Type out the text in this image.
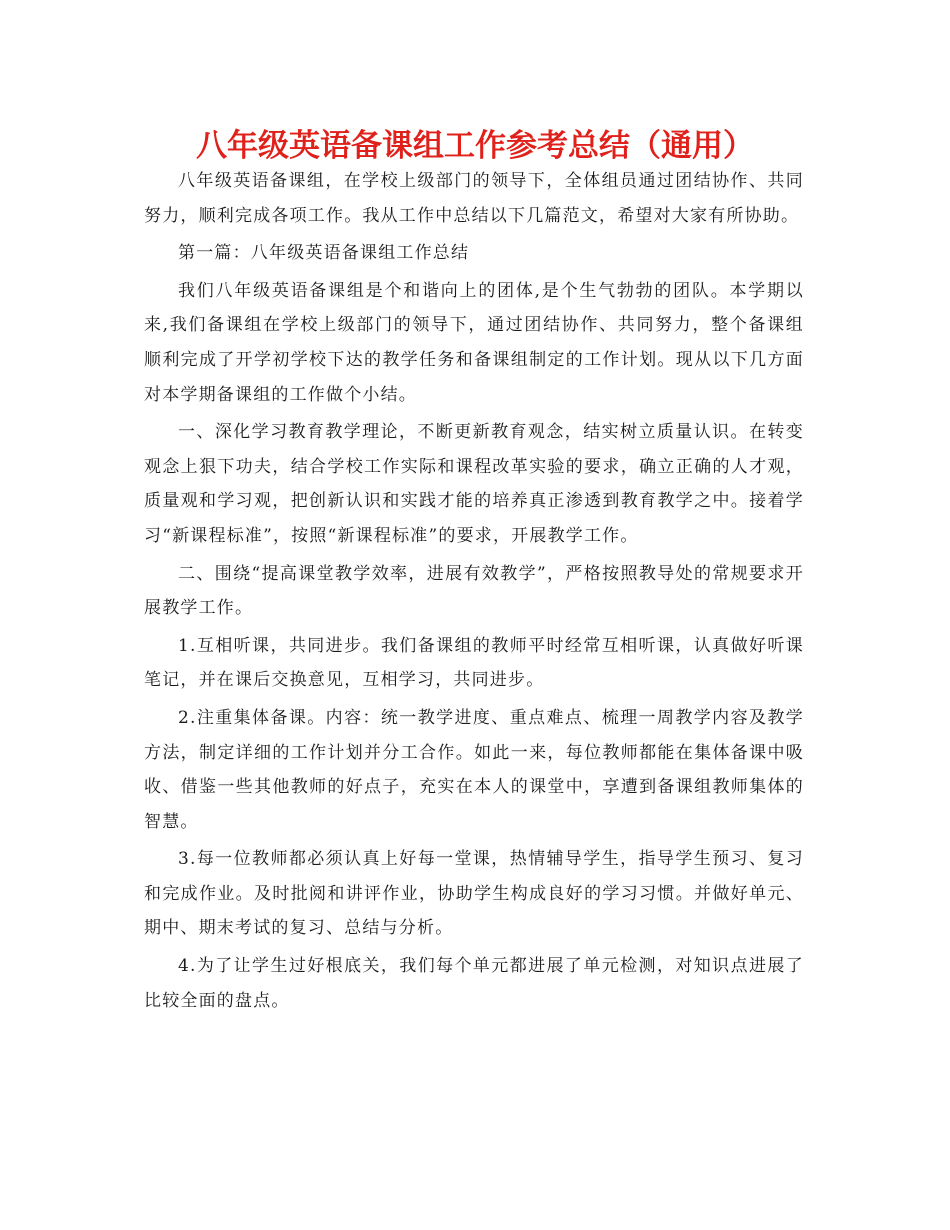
八年级英语备课组工作参考总结（通用）

八年级英语备课组，在学校上级部门的领导下，全体组员通过团结协作、共同努力，顺利完成各项工作。我从工作中总结以下几篇范文，希望对大家有所协助。

第一篇：八年级英语备课组工作总结

我们八年级英语备课组是个和谐向上的团体,是个生气勃勃的团队。本学期以来,我们备课组在学校上级部门的领导下，通过团结协作、共同努力，整个备课组顺利完成了开学初学校下达的教学任务和备课组制定的工作计划。现从以下几方面对本学期备课组的工作做个小结。

一、深化学习教育教学理论，不断更新教育观念，结实树立质量认识。在转变观念上狠下功夫，结合学校工作实际和课程改革实验的要求，确立正确的人才观，质量观和学习观，把创新认识和实践才能的培养真正渗透到教育教学之中。接着学习“新课程标准”，按照“新课程标准”的要求，开展教学工作。

二、围绕“提高课堂教学效率，进展有效教学”，严格按照教导处的常规要求开展教学工作。

1.互相听课，共同进步。我们备课组的教师平时经常互相听课，认真做好听课笔记，并在课后交换意见，互相学习，共同进步。

2.注重集体备课。内容：统一教学进度、重点难点、梳理一周教学内容及教学方法，制定详细的工作计划并分工合作。如此一来，每位教师都能在集体备课中吸收、借鉴一些其他教师的好点子，充实在本人的课堂中，享遭到备课组教师集体的智慧。

3.每一位教师都必须认真上好每一堂课，热情辅导学生，指导学生预习、复习和完成作业。及时批阅和讲评作业，协助学生构成良好的学习习惯。并做好单元、期中、期末考试的复习、总结与分析。

4.为了让学生过好根底关，我们每个单元都进展了单元检测，对知识点进展了比较全面的盘点。
